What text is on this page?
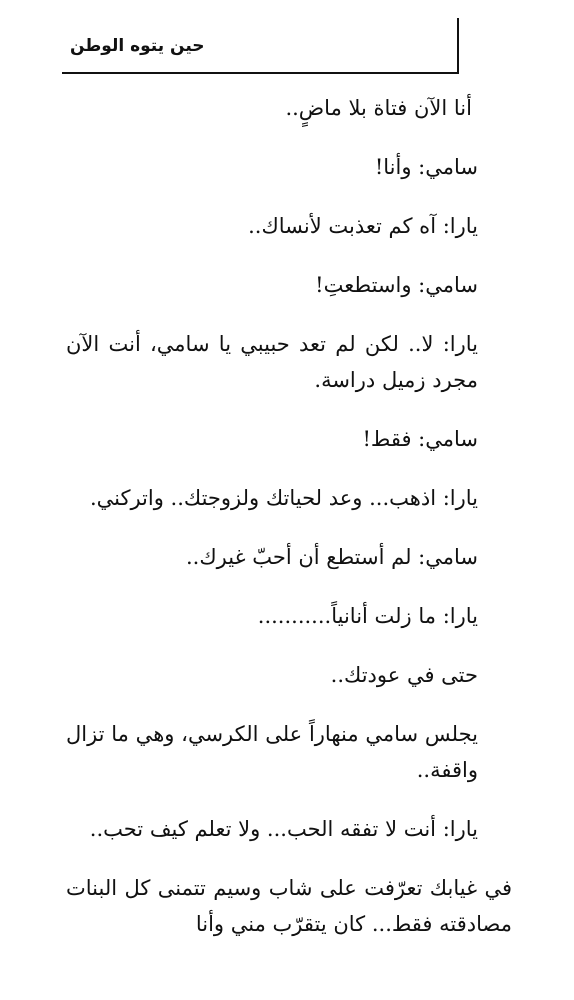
حين يتوه الوطن

أنا الآن فتاة بلا ماضٍ..

سامي: وأنا!

يارا: آه كم تعذبت لأنساك..

سامي: واستطعتِ!

يارا: لا.. لكن لم تعد حبيبي يا سامي، أنت الآن مجرد زميل دراسة.

سامي: فقط!

يارا: اذهب... وعد لحياتك ولزوجتك.. واتركني.

سامي: لم أستطع أن أحبّ غيرك..

يارا: ما زلت أنانياً...........

حتى في عودتك..

يجلس سامي منهاراً على الكرسي، وهي ما تزال واقفة..

يارا: أنت لا تفقه الحب... ولا تعلم كيف تحب..

في غيابك تعرّفت على شاب وسيم تتمنى كل البنات مصادقته فقط... كان يتقرّب مني وأنا
